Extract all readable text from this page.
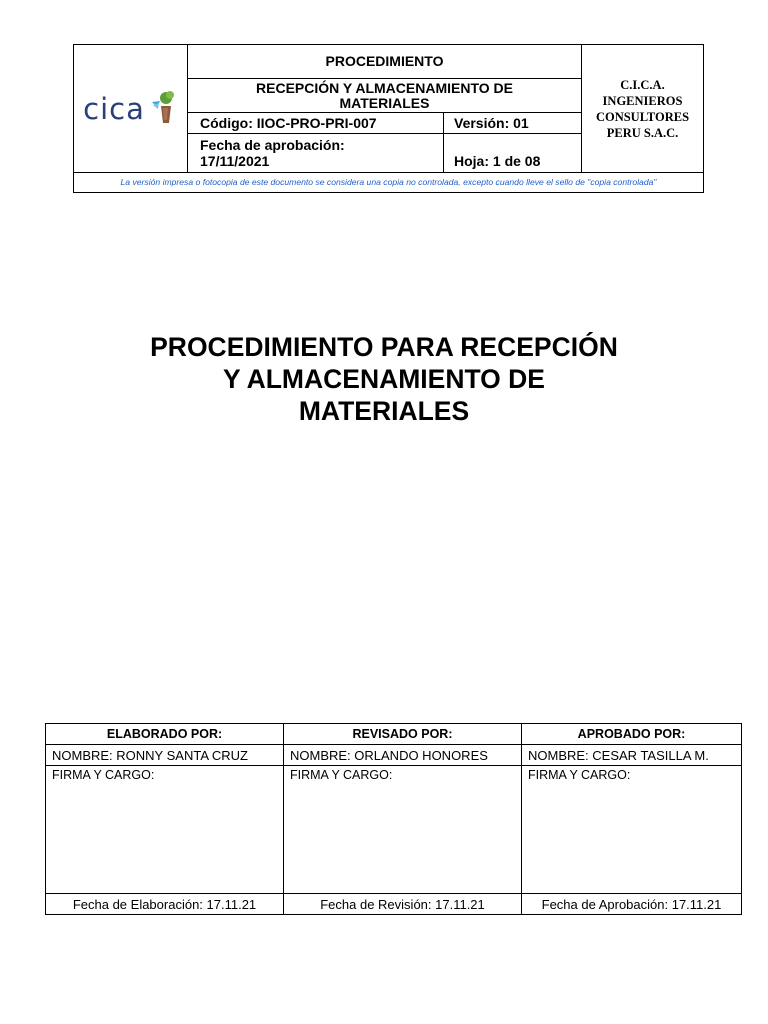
cica
PROCEDIMIENTO
RECEPCIÓN Y ALMACENAMIENTO DE
MATERIALES
Código: IIOC-PRO-PRI-007	Versión: 01
Fecha de aprobación:
17/11/2021	Hoja: 1 de 08
C.I.C.A.
INGENIEROS
CONSULTORES
PERU S.A.C.
La versión impresa o fotocopia de este documento se considera una copia no controlada, excepto cuando lleve el sello de "copia controlada"
PROCEDIMIENTO PARA RECEPCIÓN
Y ALMACENAMIENTO DE
MATERIALES
ELABORADO POR:
NOMBRE: RONNY SANTA CRUZ
FIRMA Y CARGO:
Fecha de Elaboración: 17.11.21
REVISADO POR:
NOMBRE: ORLANDO HONORES
FIRMA Y CARGO:
Fecha de Revisión: 17.11.21
APROBADO POR:
NOMBRE: CESAR TASILLA M.
FIRMA Y CARGO:
Fecha de Aprobación: 17.11.21
